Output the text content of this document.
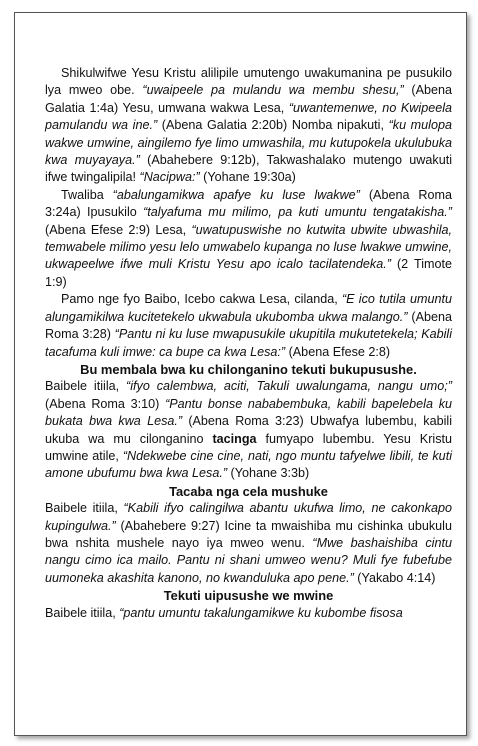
Shikulwifwe Yesu Kristu alilipile umutengo uwakumanina pe pusukilo lya mweo obe. “uwaipeele pa mulandu wa membu shesu,” (Abena Galatia 1:4a) Yesu, umwana wakwa Lesa, “uwantemenwe, no Kwipeela pamulandu wa ine.” (Abena Galatia 2:20b) Nomba nipakuti, “ku mulopa wakwe umwine, aingilemo fye limo umwashila, mu kutupokela ukulubuka kwa muyayaya.” (Abahebere 9:12b), Takwashalako mutengo uwakuti ifwe twingalipila! “Nacipwa:” (Yohane 19:30a)

Twaliba “abalungamikwa apafye ku luse lwakwe” (Abena Roma 3:24a) Ipusukilo “talyafuma mu milimo, pa kuti umuntu tengatakisha.” (Abena Efese 2:9) Lesa, “uwatupuswishe no kutwita ubwite ubwashila, temwabele milimo yesu lelo umwabelo kupanga no luse lwakwe umwine, ukwapeelwe ifwe muli Kristu Yesu apo icalo tacilatendeka.” (2 Timote 1:9)

Pamo nge fyo Baibo, Icebo cakwa Lesa, cilanda, “E ico tutila umuntu alungamikilwa kucitetekelo ukwabula ukubomba ukwa malango.” (Abena Roma 3:28) “Pantu ni ku luse mwapusukile ukupitila mukutetekela; Kabili tacafuma kuli imwe: ca bupe ca kwa Lesa:” (Abena Efese 2:8)

Bu membala bwa ku chilonganino tekuti bukupusushe.

Baibele itiila, “ifyo calembwa, aciti, Takuli uwalungama, nangu umo;” (Abena Roma 3:10) “Pantu bonse nababembuka, kabili bapelebela ku bukata bwa kwa Lesa.” (Abena Roma 3:23) Ubwafya lubembu, kabili ukuba wa mu cilonganino tacinga fumyapo lubembu. Yesu Kristu umwine atile, “Ndekwebe cine cine, nati, ngo muntu tafyelwe libili, te kuti amone ubufumu bwa kwa Lesa.” (Yohane 3:3b)

Tacaba nga cela mushuke

Baibele itiila, “Kabili ifyo calingilwa abantu ukufwa limo, ne cakonkapo kupingulwa.” (Abahebere 9:27) Icine ta mwaishiba mu cishinka ubukulu bwa nshita mushele nayo iya mweo wenu. “Mwe bashaishiba cintu nangu cimo ica mailo. Pantu ni shani umweo wenu? Muli fye fubefube uumoneka akashita kanono, no kwanduluka apo pene.” (Yakabo 4:14)

Tekuti uipusushe we mwine

Baibele itiila, “pantu umuntu takalungamikwe ku kubombe fisosa
